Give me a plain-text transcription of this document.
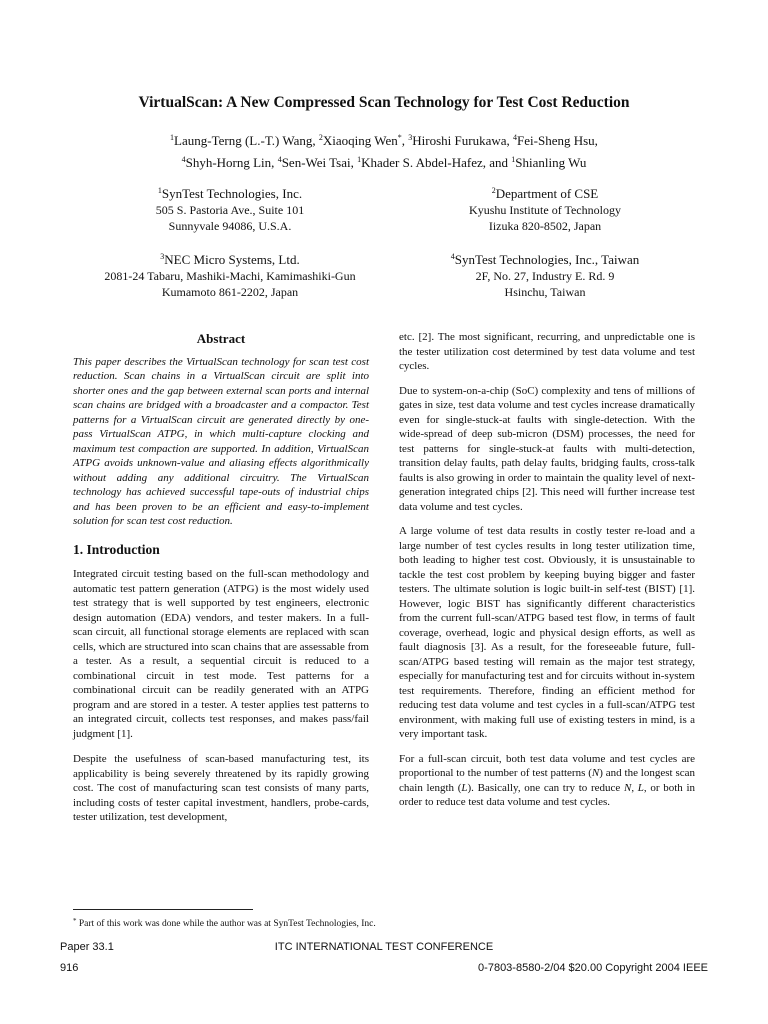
VirtualScan: A New Compressed Scan Technology for Test Cost Reduction
$^1$Laung-Terng (L.-T.) Wang, $^2$Xiaoqing Wen*, $^3$Hiroshi Furukawa, $^4$Fei-Sheng Hsu,
$^4$Shyh-Horng Lin, $^4$Sen-Wei Tsai, $^1$Khader S. Abdel-Hafez, and $^1$Shianling Wu
$^1$SynTest Technologies, Inc.
505 S. Pastoria Ave., Suite 101
Sunnyvale 94086, U.S.A.
$^2$Department of CSE
Kyushu Institute of Technology
Iizuka 820-8502, Japan
$^3$NEC Micro Systems, Ltd.
2081-24 Tabaru, Mashiki-Machi, Kamimashiki-Gun
Kumamoto 861-2202, Japan
$^4$SynTest Technologies, Inc., Taiwan
2F, No. 27, Industry E. Rd. 9
Hsinchu, Taiwan
Abstract

This paper describes the VirtualScan technology for scan test cost reduction. Scan chains in a VirtualScan circuit are split into shorter ones and the gap between external scan ports and internal scan chains are bridged with a broadcaster and a compactor. Test patterns for a VirtualScan circuit are generated directly by one-pass VirtualScan ATPG, in which multi-capture clocking and maximum test compaction are supported. In addition, VirtualScan ATPG avoids unknown-value and aliasing effects algorithmically without adding any additional circuitry. The VirtualScan technology has achieved successful tape-outs of industrial chips and has been proven to be an efficient and easy-to-implement solution for scan test cost reduction.

1. Introduction

Integrated circuit testing based on the full-scan methodology and automatic test pattern generation (ATPG) is the most widely used test strategy that is well supported by test engineers, electronic design automation (EDA) vendors, and tester makers. In a full-scan circuit, all functional storage elements are replaced with scan cells, which are structured into scan chains that are assessable from a tester. As a result, a sequential circuit is reduced to a combinational circuit in test mode. Test patterns for a combinational circuit can be readily generated with an ATPG program and are stored in a tester. A tester applies test patterns to an integrated circuit, collects test responses, and makes pass/fail judgment [1].

Despite the usefulness of scan-based manufacturing test, its applicability is being severely threatened by its rapidly growing cost. The cost of manufacturing scan test consists of many parts, including costs of tester capital investment, handlers, probe-cards, tester utilization, test development,

etc. [2]. The most significant, recurring, and unpredictable one is the tester utilization cost determined by test data volume and test cycles.

Due to system-on-a-chip (SoC) complexity and tens of millions of gates in size, test data volume and test cycles increase dramatically even for single-stuck-at faults with single-detection. With the wide-spread of deep sub-micron (DSM) processes, the need for test patterns for single-stuck-at faults with multi-detection, transition delay faults, path delay faults, bridging faults, cross-talk faults is also growing in order to maintain the quality level of next-generation integrated chips [2]. This need will further increase test data volume and test cycles.

A large volume of test data results in costly tester re-load and a large number of test cycles results in long tester utilization time, both leading to higher test cost. Obviously, it is unsustainable to tackle the test cost problem by keeping buying bigger and faster testers. The ultimate solution is logic built-in self-test (BIST) [1]. However, logic BIST has significantly different characteristics from the current full-scan/ATPG based test flow, in terms of fault coverage, overhead, logic and physical design efforts, as well as fault diagnosis [3]. As a result, for the foreseeable future, full-scan/ATPG based testing will remain as the major test strategy, especially for manufacturing test and for circuits without in-system test requirements. Therefore, finding an efficient method for reducing test data volume and test cycles in a full-scan/ATPG test environment, with making full use of existing testers in mind, is a very important task.

For a full-scan circuit, both test data volume and test cycles are proportional to the number of test patterns (N) and the longest scan chain length (L). Basically, one can try to reduce N, L, or both in order to reduce test data volume and test cycles.

* Part of this work was done while the author was at SynTest Technologies, Inc.
Paper 33.1	ITC INTERNATIONAL TEST CONFERENCE
916	0-7803-8580-2/04 $20.00 Copyright 2004 IEEE
